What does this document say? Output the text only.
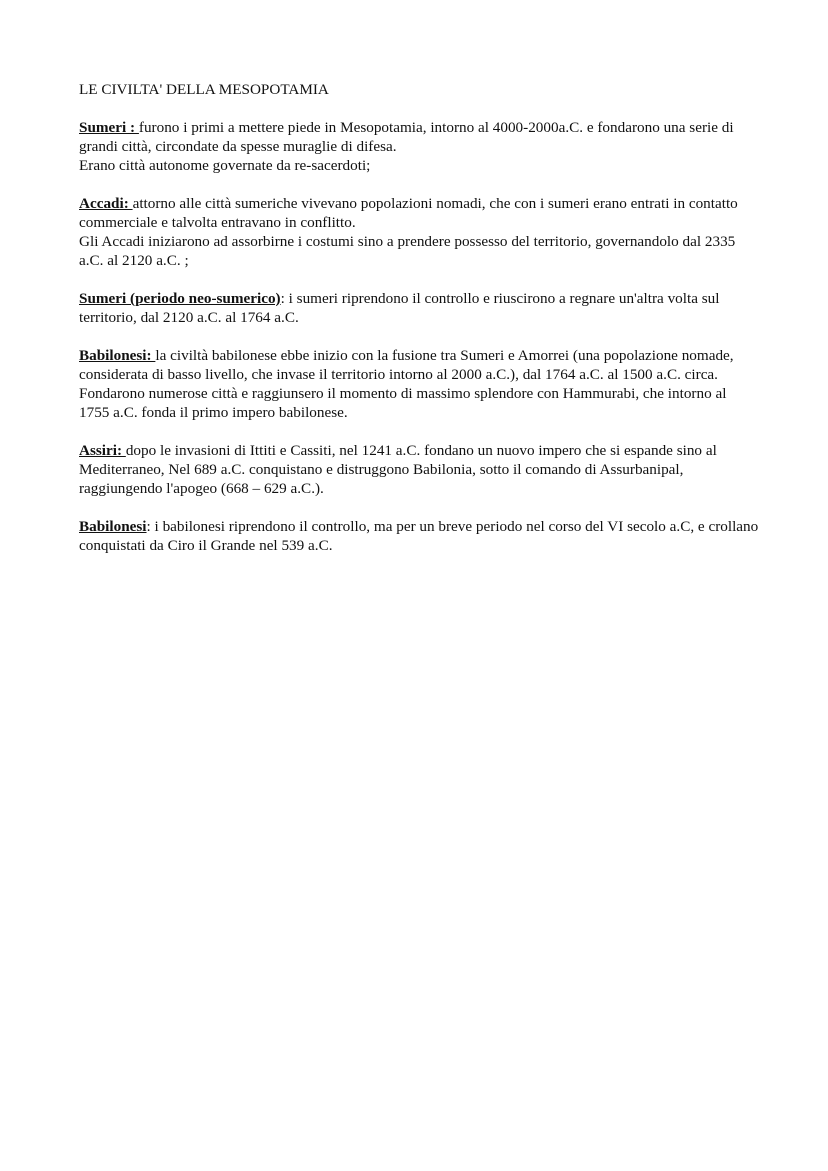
LE CIVILTA' DELLA MESOPOTAMIA

Sumeri : furono i primi a mettere piede in Mesopotamia, intorno al 4000-2000a.C. e fondarono una serie di grandi città, circondate da spesse muraglie di difesa.

Erano città autonome governate da re-sacerdoti;

Accadi: attorno alle città sumeriche vivevano popolazioni nomadi, che con i sumeri erano entrati in contatto commerciale e talvolta entravano in conflitto.

Gli Accadi iniziarono ad assorbirne i costumi sino a prendere possesso del territorio, governandolo dal 2335 a.C. al 2120 a.C. ;

Sumeri (periodo neo-sumerico): i sumeri riprendono il controllo e riuscirono a regnare un'altra volta sul territorio, dal 2120 a.C. al 1764 a.C.

Babilonesi: la civiltà babilonese ebbe inizio con la fusione tra Sumeri e Amorrei (una popolazione nomade, considerata di basso livello, che invase il territorio intorno al 2000 a.C.), dal 1764 a.C. al 1500 a.C. circa.

Fondarono numerose città e raggiunsero il momento di massimo splendore con Hammurabi, che intorno al 1755 a.C. fonda il primo impero babilonese.

Assiri: dopo le invasioni di Ittiti e Cassiti, nel 1241 a.C. fondano un nuovo impero che si espande sino al Mediterraneo, Nel 689 a.C. conquistano e distruggono Babilonia, sotto il comando di Assurbanipal, raggiungendo l'apogeo (668 – 629 a.C.).

Babilonesi: i babilonesi riprendono il controllo, ma per un breve periodo nel corso del VI secolo a.C, e crollano conquistati da Ciro il Grande nel 539 a.C.
